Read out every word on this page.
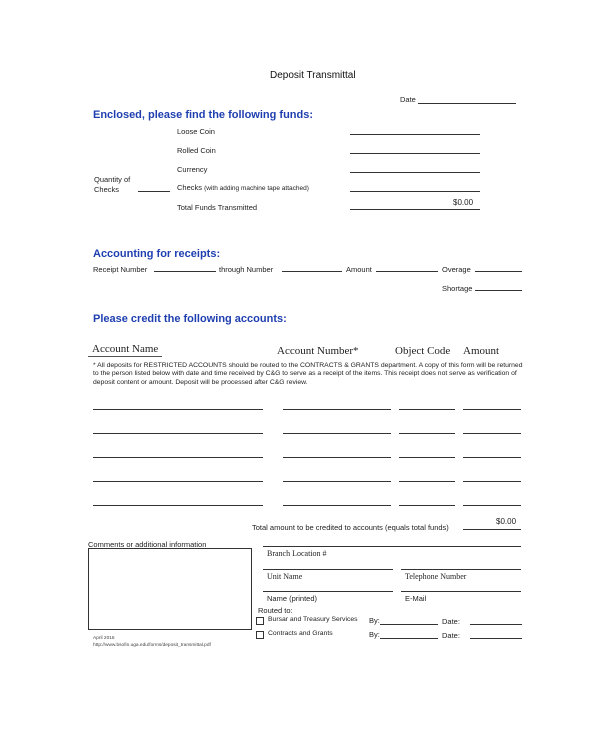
Deposit Transmittal
Date
Enclosed, please find the following funds:
Loose Coin
Rolled Coin
Currency
Quantity of
Checks	Checks (with adding machine tape attached)
Total Funds Transmitted
$0.00
Accounting for receipts:
Receipt Number	through Number	Amount	Overage
Shortage
Please credit the following accounts:
Account Name	Account Number*	Object Code Amount
* All deposits for RESTRICTED ACCOUNTS should be routed to the CONTRACTS & GRANTS department. A copy of this form will be returned to the person listed below with date and time received by C&G to serve as a receipt of the items. This receipt does not serve as verification of deposit content or amount. Deposit will be processed after C&G review.
Total amount to be credited to accounts (equals total funds)
$0.00
Comments or additional information
Branch Location #
Unit Name	Telephone Number
Name (printed)	E-Mail
Routed to:
Bursar and Treasury Services By:	Date:
Contracts and Grants	By:	Date:
April 2016
http://www.bsofin.uga.edu/forms/deposit_transmittal.pdf
